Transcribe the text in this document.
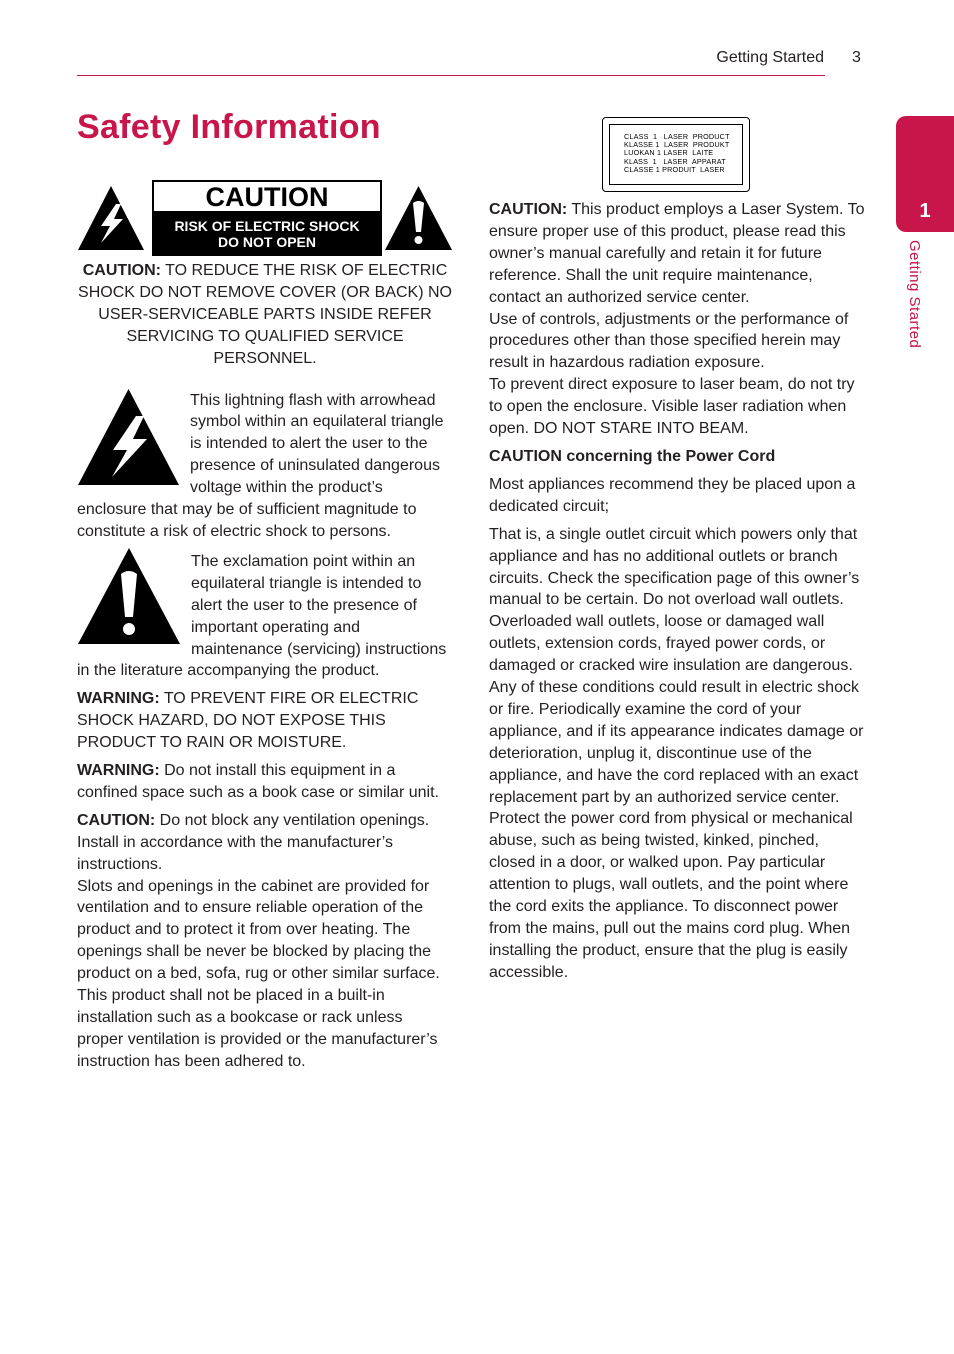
Getting Started 3
1
Getting Started
Safety Information
CAUTION
RISK OF ELECTRIC SHOCK
DO NOT OPEN
CLASS  1   LASER  PRODUCT
KLASSE 1  LASER  PRODUKT
LUOKAN 1 LASER  LAITE
KLASS  1   LASER  APPARAT
CLASSE 1 PRODUIT  LASER

CAUTION: TO REDUCE THE RISK OF ELECTRIC SHOCK DO NOT REMOVE COVER (OR BACK) NO USER-SERVICEABLE PARTS INSIDE REFER SERVICING TO QUALIFIED SERVICE PERSONNEL.

This lightning flash with arrowhead symbol within an equilateral triangle is intended to alert the user to the presence of uninsulated dangerous voltage within the product’s enclosure that may be of sufficient magnitude to constitute a risk of electric shock to persons.

The exclamation point within an equilateral triangle is intended to alert the user to the presence of important operating and maintenance (servicing) instructions in the literature accompanying the product.

WARNING: TO PREVENT FIRE OR ELECTRIC SHOCK HAZARD, DO NOT EXPOSE THIS PRODUCT TO RAIN OR MOISTURE.

WARNING: Do not install this equipment in a confined space such as a book case or similar unit.

CAUTION: Do not block any ventilation openings. Install in accordance with the manufacturer’s instructions.

Slots and openings in the cabinet are provided for ventilation and to ensure reliable operation of the product and to protect it from over heating. The openings shall be never be blocked by placing the product on a bed, sofa, rug or other similar surface. This product shall not be placed in a built-in installation such as a bookcase or rack unless proper ventilation is provided or the manufacturer’s instruction has been adhered to.

CAUTION: This product employs a Laser System. To ensure proper use of this product, please read this owner’s manual carefully and retain it for future reference. Shall the unit require maintenance, contact an authorized service center.

Use of controls, adjustments or the performance of procedures other than those specified herein may result in hazardous radiation exposure.

To prevent direct exposure to laser beam, do not try to open the enclosure. Visible laser radiation when open. DO NOT STARE INTO BEAM.

CAUTION concerning the Power Cord

Most appliances recommend they be placed upon a dedicated circuit;

That is, a single outlet circuit which powers only that appliance and has no additional outlets or branch circuits. Check the specification page of this owner’s manual to be certain. Do not overload wall outlets. Overloaded wall outlets, loose or damaged wall outlets, extension cords, frayed power cords, or damaged or cracked wire insulation are dangerous. Any of these conditions could result in electric shock or fire. Periodically examine the cord of your appliance, and if its appearance indicates damage or deterioration, unplug it, discontinue use of the appliance, and have the cord replaced with an exact replacement part by an authorized service center. Protect the power cord from physical or mechanical abuse, such as being twisted, kinked, pinched, closed in a door, or walked upon. Pay particular attention to plugs, wall outlets, and the point where the cord exits the appliance. To disconnect power from the mains, pull out the mains cord plug. When installing the product, ensure that the plug is easily accessible.
